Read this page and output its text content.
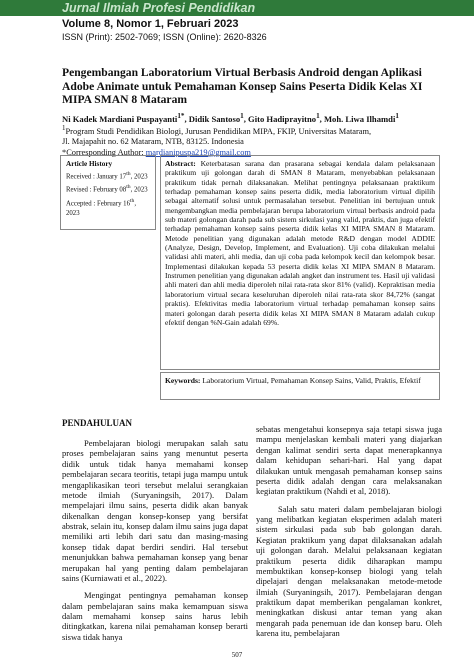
Jurnal Ilmiah Profesi Pendidikan
Volume 8, Nomor 1, Februari 2023
ISSN (Print): 2502-7069; ISSN (Online): 2620-8326
Pengembangan Laboratorium Virtual Berbasis Android dengan Aplikasi Adobe Animate untuk Pemahaman Konsep Sains Peserta Didik Kelas XI MIPA SMAN 8 Mataram
Ni Kadek Mardiani Puspayanti$^{1*}$, Didik Santoso$^1$, Gito Hadiprayitno$^1$, Moh. Liwa Ilhamdi$^1$
$^1$Program Studi Pendidikan Biologi, Jurusan Pendidikan MIPA, FKIP, Universitas Mataram,
Jl. Majapahit no. 62 Mataram, NTB, 83125. Indonesia
*Corresponding Author: mardianipuspa219@gmail.com
Article History
Received : January 17th, 2023
Revised : February 08th, 2023
Accepted : February 16th, 2023
Abstract: Keterbatasan sarana dan prasarana sebagai kendala dalam pelaksanaan praktikum uji golongan darah di SMAN 8 Mataram, menyebabkan pelaksanaan praktikum tidak pernah dilaksanakan. Melihat pentingnya pelaksanaan praktikum terhadap pemahaman konsep sains peserta didik, media laboratorium virtual dipilih sebagai alternatif solusi untuk permasalahan tersebut. Penelitian ini bertujuan untuk mengembangkan media pembelajaran berupa laboratorium virtual berbasis android pada sub materi golongan darah pada sub sistem sirkulasi yang valid, praktis, dan juga efektif terhadap pemahaman konsep sains peserta didik kelas XI MIPA SMAN 8 Mataram. Metode penelitian yang digunakan adalah metode R&D dengan model ADDIE (Analyze, Design, Develop, Implement, and Evaluation). Uji coba dilakukan melalui validasi ahli materi, ahli media, dan uji coba pada kelompok kecil dan kelompok besar. Implementasi dilakukan kepada 53 peserta didik kelas XI MIPA SMAN 8 Mataram. Instrumen penelitian yang digunakan adalah angket dan instrument tes. Hasil uji validasi ahli materi dan ahli media diperoleh nilai rata-rata skor 81% (valid). Kepraktisan media laboratorium virtual secara keseluruhan diperoleh nilai rata-rata skor 84,72% (sangat praktis). Efektivitas media laboratorium virtual terhadap pemahaman konsep sains materi golongan darah peserta didik kelas XI MIPA SMAN 8 Mataram adalah cukup efektif dengan %N-Gain adalah 69%.
Keywords: Laboratorium Virtual, Pemahaman Konsep Sains, Valid, Praktis, Efektif
PENDAHULUAN

Pembelajaran biologi merupakan salah satu proses pembelajaran sains yang menuntut peserta didik untuk tidak hanya memahami konsep pembelajaran secara teoritis, tetapi juga mampu untuk mengaplikasikan teori tersebut melalui serangkaian metode ilmiah (Suryaningsih, 2017). Dalam mempelajari ilmu sains, peserta didik akan banyak dikenalkan dengan konsep-konsep yang bersifat abstrak, selain itu, konsep dalam ilmu sains juga dapat memiliki arti lebih dari satu dan masing-masing konsep tidak dapat berdiri sendiri. Hal tersebut menunjukkan bahwa pemahaman konsep yang benar merupakan hal yang penting dalam pembelajaran sains (Kurniawati et al., 2022).

Mengingat pentingnya pemahaman konsep dalam pembelajaran sains maka kemampuan siswa dalam memahami konsep sains harus lebih ditingkatkan, karena nilai pemahaman konsep berarti siswa tidak hanya

sebatas mengetahui konsepnya saja tetapi siswa juga mampu menjelaskan kembali materi yang diajarkan dengan kalimat sendiri serta dapat menerapkannya dalam kehidupan sehari-hari. Hal yang dapat dilakukan untuk mengasah pemahaman konsep sains peserta didik adalah dengan cara melaksanakan kegiatan praktikum (Nahdi et al, 2018).

Salah satu materi dalam pembelajaran biologi yang melibatkan kegiatan eksperimen adalah materi sistem sirkulasi pada sub bab golongan darah. Kegiatan praktikum yang dapat dilaksanakan adalah uji golongan darah. Melalui pelaksanaan kegiatan praktikum peserta didik diharapkan mampu membuktikan konsep-konsep biologi yang telah dipelajari dengan melaksanakan metode-metode ilmiah (Suryaningsih, 2017). Pembelajaran dengan praktikum dapat memberikan pengalaman konkret, meningkatkan diskusi antar teman yang akan mengarah pada penemuan ide dan konsep baru. Oleh karena itu, pembelajaran

507
